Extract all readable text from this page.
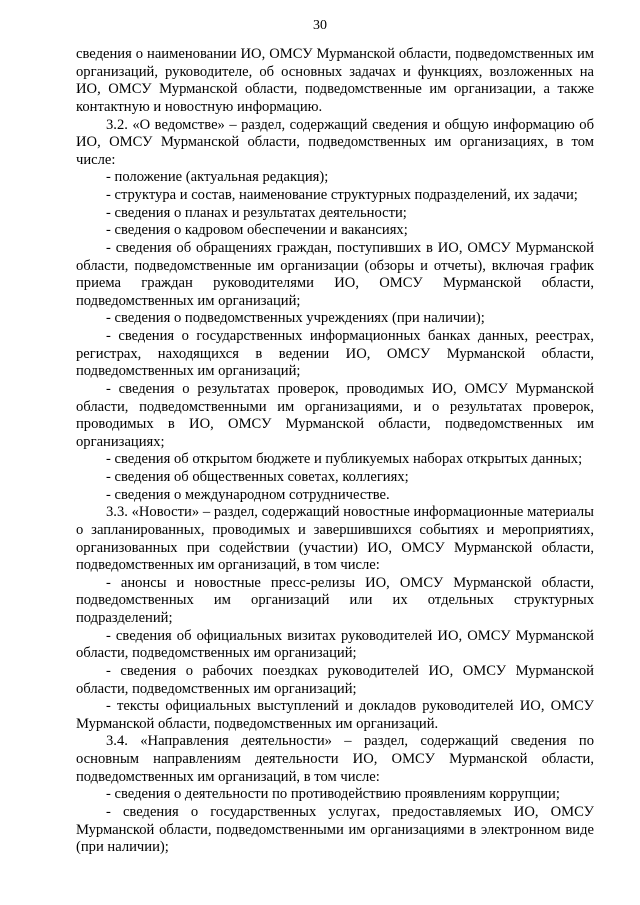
30

сведения о наименовании ИО, ОМСУ Мурманской области, подведомственных им организаций, руководителе, об основных задачах и функциях, возложенных на ИО, ОМСУ Мурманской области, подведомственные им организации, а также контактную и новостную информацию.

3.2. «О ведомстве» – раздел, содержащий сведения и общую информацию об ИО, ОМСУ Мурманской области, подведомственных им организациях, в том числе:

- положение (актуальная редакция);

- структура и состав, наименование структурных подразделений, их задачи;

- сведения о планах и результатах деятельности;

- сведения о кадровом обеспечении и вакансиях;

- сведения об обращениях граждан, поступивших в ИО, ОМСУ Мурманской области, подведомственные им организации (обзоры и отчеты), включая график приема граждан руководителями ИО, ОМСУ Мурманской области, подведомственных им организаций;

- сведения о подведомственных учреждениях (при наличии);

- сведения о государственных информационных банках данных, реестрах, регистрах, находящихся в ведении ИО, ОМСУ Мурманской области, подведомственных им организаций;

- сведения о результатах проверок, проводимых ИО, ОМСУ Мурманской области, подведомственными им организациями, и о результатах проверок, проводимых в ИО, ОМСУ Мурманской области, подведомственных им организациях;

- сведения об открытом бюджете и публикуемых наборах открытых данных;

- сведения об общественных советах, коллегиях;

- сведения о международном сотрудничестве.

3.3. «Новости» – раздел, содержащий новостные информационные материалы о запланированных, проводимых и завершившихся событиях и мероприятиях, организованных при содействии (участии) ИО, ОМСУ Мурманской области, подведомственных им организаций, в том числе:

- анонсы и новостные пресс-релизы ИО, ОМСУ Мурманской области, подведомственных им организаций или их отдельных структурных подразделений;

- сведения об официальных визитах руководителей ИО, ОМСУ Мурманской области, подведомственных им организаций;

- сведения о рабочих поездках руководителей ИО, ОМСУ Мурманской области, подведомственных им организаций;

- тексты официальных выступлений и докладов руководителей ИО, ОМСУ Мурманской области, подведомственных им организаций.

3.4. «Направления деятельности» – раздел, содержащий сведения по основным направлениям деятельности ИО, ОМСУ Мурманской области, подведомственных им организаций, в том числе:

- сведения о деятельности по противодействию проявлениям коррупции;

- сведения о государственных услугах, предоставляемых ИО, ОМСУ Мурманской области, подведомственными им организациями в электронном виде (при наличии);
